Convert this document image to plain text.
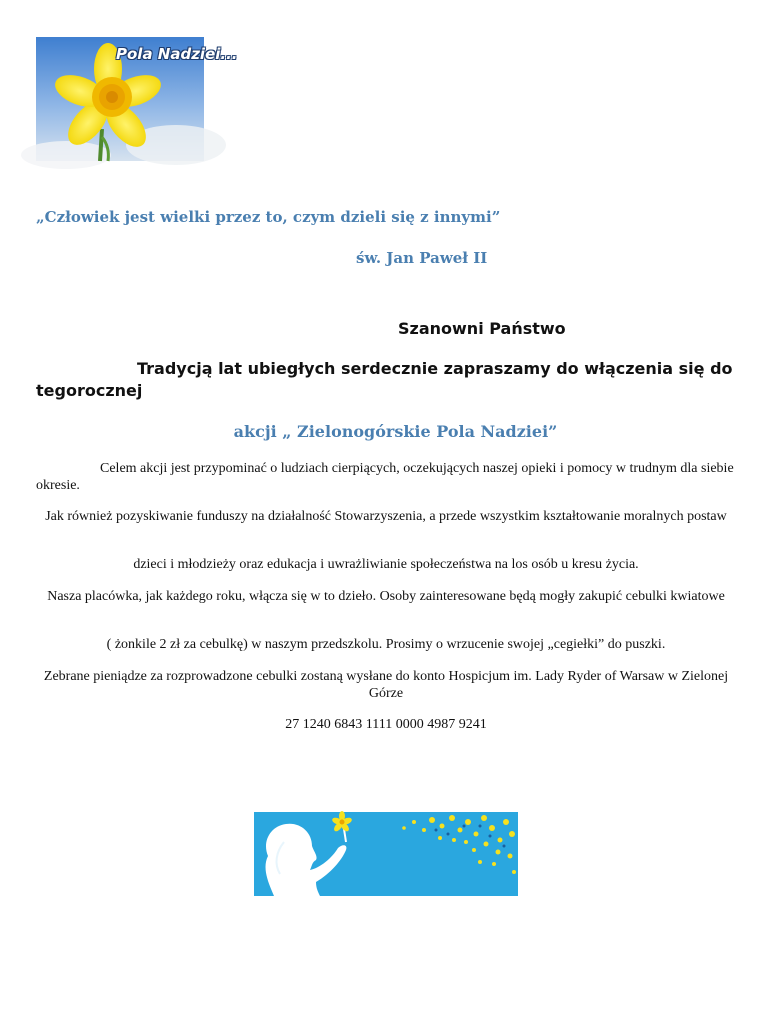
Pola Nadziei...
„Człowiek jest wielki przez to, czym dzieli się z innymi”
św. Jan Paweł II
Szanowni Państwo

Tradycją lat ubiegłych serdecznie zapraszamy do włączenia się do tegorocznej

akcji „ Zielonogórskie Pola Nadziei”

Celem akcji jest przypominać o ludziach cierpiących, oczekujących naszej opieki i pomocy w trudnym dla siebie okresie.

Jak również pozyskiwanie funduszy na działalność Stowarzyszenia, a przede wszystkim kształtowanie moralnych postaw

dzieci i młodzieży oraz edukacja i uwrażliwianie społeczeństwa na los osób u kresu życia.

Nasza placówka, jak każdego roku, włącza się w to dzieło. Osoby zainteresowane będą mogły zakupić cebulki kwiatowe

( żonkile 2 zł za cebulkę) w naszym przedszkolu. Prosimy o wrzucenie swojej „cegiełki” do puszki.

Zebrane pieniądze za rozprowadzone cebulki zostaną wysłane do konto Hospicjum im. Lady Ryder of Warsaw w Zielonej Górze

27 1240 6843 1111 0000 4987 9241
